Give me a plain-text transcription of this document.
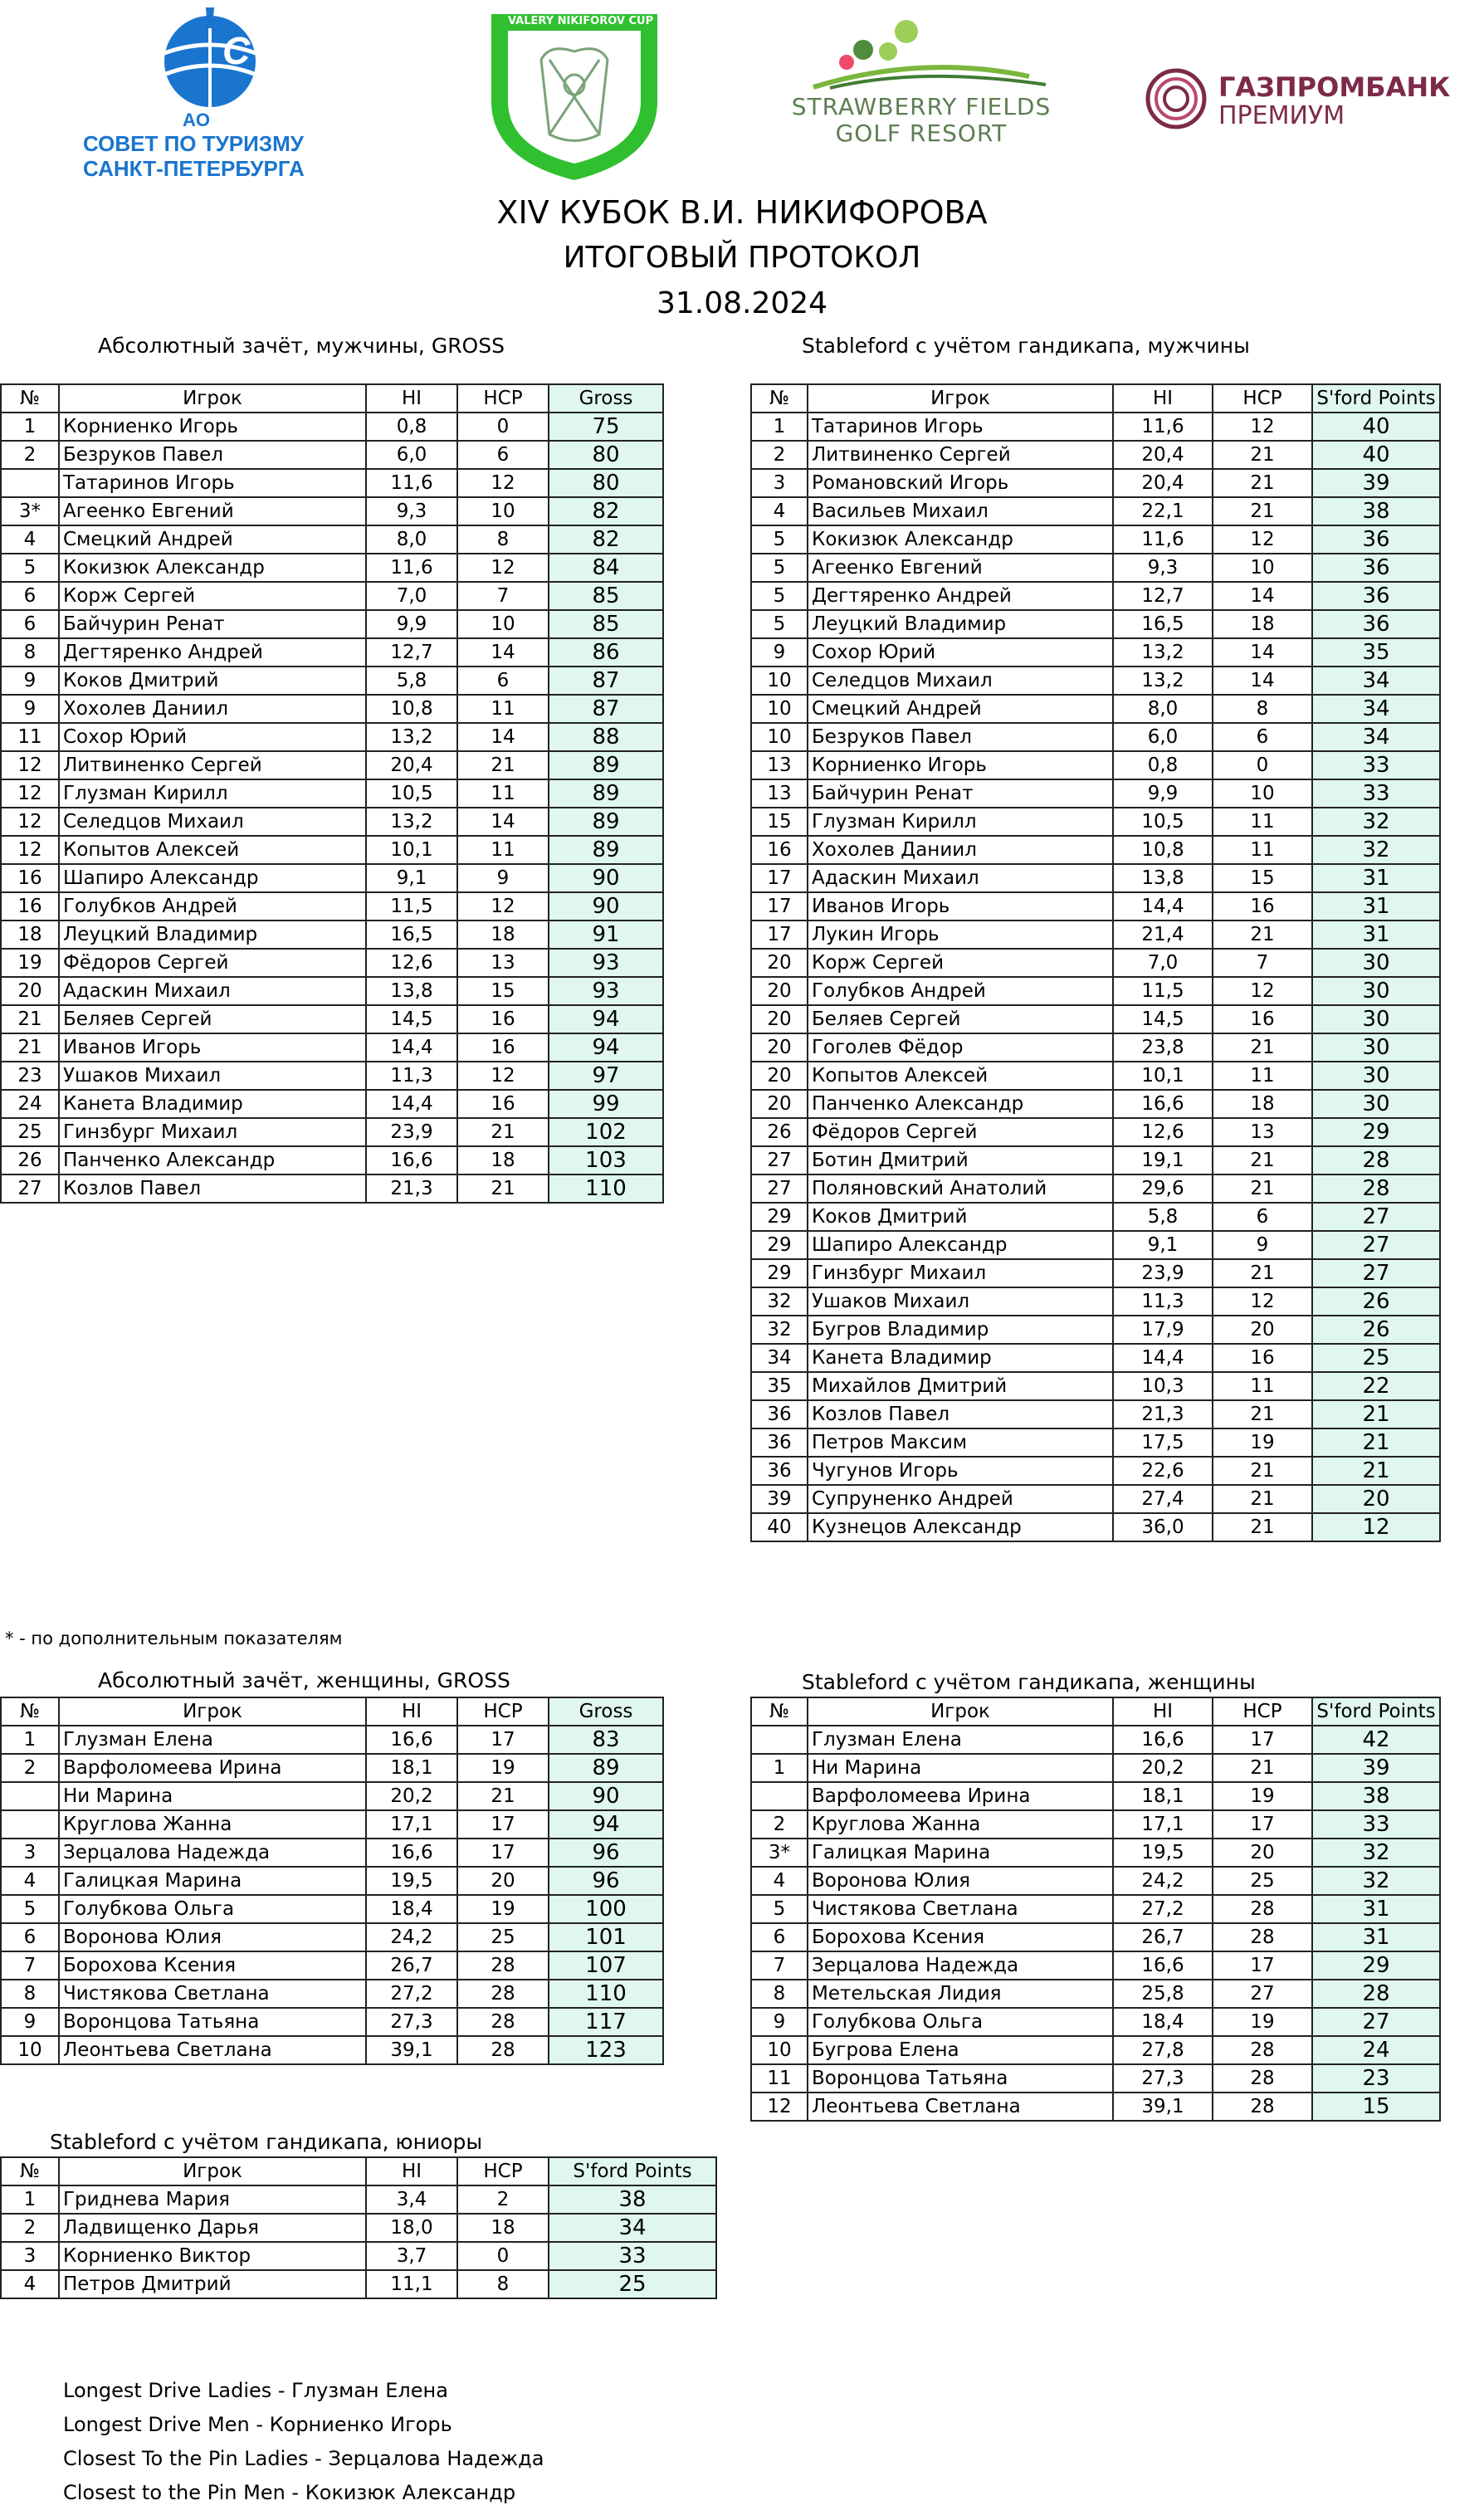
CT
AO
СОВЕТ ПО ТУРИЗМУ
САНКТ-ПЕТЕРБУРГА
VALERY NIKIFOROV CUP
STRAWBERRY FIELDS
GOLF RESORT
ГАЗПРОМБАНК
ПРЕМИУМ
XIV КУБОК В.И. НИКИФОРОВА
ИТОГОВЫЙ ПРОТОКОЛ
31.08.2024
Абсолютный зачёт, мужчины, GROSS	Stableford с учётом гандикапа, мужчины
№	Игрок	HI	HCP	Gross
1	Корниенко Игорь	0,8	0	75
2	Безруков Павел	6,0	6	80
	Татаринов Игорь	11,6	12	80
3*	Агеенко Евгений	9,3	10	82
4	Смецкий Андрей	8,0	8	82
5	Кокизюк Александр	11,6	12	84
6	Корж Сергей	7,0	7	85
6	Байчурин Ренат	9,9	10	85
8	Дегтяренко Андрей	12,7	14	86
9	Коков Дмитрий	5,8	6	87
9	Хохолев Даниил	10,8	11	87
11	Сохор Юрий	13,2	14	88
12	Литвиненко Сергей	20,4	21	89
12	Глузман Кирилл	10,5	11	89
12	Селедцов Михаил	13,2	14	89
12	Копытов Алексей	10,1	11	89
16	Шапиро Александр	9,1	9	90
16	Голубков Андрей	11,5	12	90
18	Леуцкий Владимир	16,5	18	91
19	Фёдоров Сергей	12,6	13	93
20	Адаскин Михаил	13,8	15	93
21	Беляев Сергей	14,5	16	94
21	Иванов Игорь	14,4	16	94
23	Ушаков Михаил	11,3	12	97
24	Канета Владимир	14,4	16	99
25	Гинзбург Михаил	23,9	21	102
26	Панченко Александр	16,6	18	103
27	Козлов Павел	21,3	21	110
№	Игрок	HI	HCP	S'ford Points
1	Татаринов Игорь	11,6	12	40
2	Литвиненко Сергей	20,4	21	40
3	Романовский Игорь	20,4	21	39
4	Васильев Михаил	22,1	21	38
5	Кокизюк Александр	11,6	12	36
5	Агеенко Евгений	9,3	10	36
5	Дегтяренко Андрей	12,7	14	36
5	Леуцкий Владимир	16,5	18	36
9	Сохор Юрий	13,2	14	35
10	Селедцов Михаил	13,2	14	34
10	Смецкий Андрей	8,0	8	34
10	Безруков Павел	6,0	6	34
13	Корниенко Игорь	0,8	0	33
13	Байчурин Ренат	9,9	10	33
15	Глузман Кирилл	10,5	11	32
16	Хохолев Даниил	10,8	11	32
17	Адаскин Михаил	13,8	15	31
17	Иванов Игорь	14,4	16	31
17	Лукин Игорь	21,4	21	31
20	Корж Сергей	7,0	7	30
20	Голубков Андрей	11,5	12	30
20	Беляев Сергей	14,5	16	30
20	Гоголев Фёдор	23,8	21	30
20	Копытов Алексей	10,1	11	30
20	Панченко Александр	16,6	18	30
26	Фёдоров Сергей	12,6	13	29
27	Ботин Дмитрий	19,1	21	28
27	Поляновский Анатолий	29,6	21	28
29	Коков Дмитрий	5,8	6	27
29	Шапиро Александр	9,1	9	27
29	Гинзбург Михаил	23,9	21	27
32	Ушаков Михаил	11,3	12	26
32	Бугров Владимир	17,9	20	26
34	Канета Владимир	14,4	16	25
35	Михайлов Дмитрий	10,3	11	22
36	Козлов Павел	21,3	21	21
36	Петров Максим	17,5	19	21
36	Чугунов Игорь	22,6	21	21
39	Супруненко Андрей	27,4	21	20
40	Кузнецов Александр	36,0	21	12
* - по дополнительным показателям
Абсолютный зачёт, женщины, GROSS	Stableford с учётом гандикапа, женщины
№	Игрок	HI	HCP	Gross
1	Глузман Елена	16,6	17	83
2	Варфоломеева Ирина	18,1	19	89
	Ни Марина	20,2	21	90
	Круглова Жанна	17,1	17	94
3	Зерцалова Надежда	16,6	17	96
4	Галицкая Марина	19,5	20	96
5	Голубкова Ольга	18,4	19	100
6	Воронова Юлия	24,2	25	101
7	Борохова Ксения	26,7	28	107
8	Чистякова Светлана	27,2	28	110
9	Воронцова Татьяна	27,3	28	117
10	Леонтьева Светлана	39,1	28	123
№	Игрок	HI	HCP	S'ford Points
	Глузман Елена	16,6	17	42
1	Ни Марина	20,2	21	39
	Варфоломеева Ирина	18,1	19	38
2	Круглова Жанна	17,1	17	33
3*	Галицкая Марина	19,5	20	32
4	Воронова Юлия	24,2	25	32
5	Чистякова Светлана	27,2	28	31
6	Борохова Ксения	26,7	28	31
7	Зерцалова Надежда	16,6	17	29
8	Метельская Лидия	25,8	27	28
9	Голубкова Ольга	18,4	19	27
10	Бугрова Елена	27,8	28	24
11	Воронцова Татьяна	27,3	28	23
12	Леонтьева Светлана	39,1	28	15
Stableford с учётом гандикапа, юниоры
№	Игрок	HI	HCP	S'ford Points
1	Гриднева Мария	3,4	2	38
2	Ладвищенко Дарья	18,0	18	34
3	Корниенко Виктор	3,7	0	33
4	Петров Дмитрий	11,1	8	25
Longest Drive Ladies - Глузман Елена
Longest Drive Men - Корниенко Игорь
Closest To the Pin Ladies - Зерцалова Надежда
Closest to the Pin Men - Кокизюк Александр
